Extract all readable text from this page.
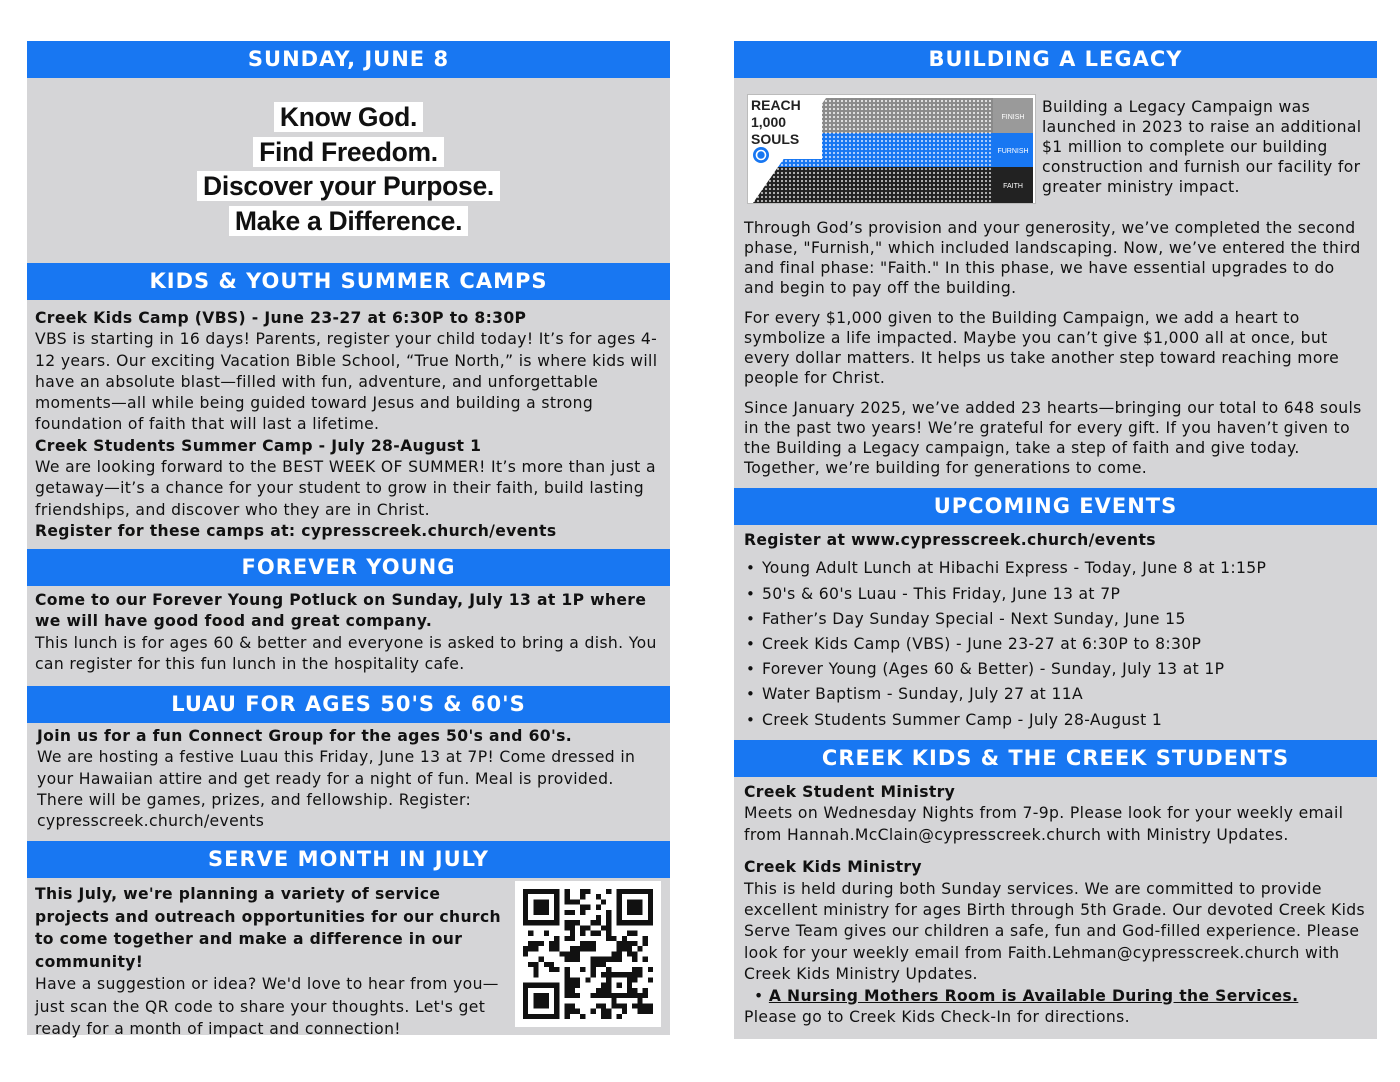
SUNDAY, JUNE 8
Know God.
Find Freedom.
Discover your Purpose.
Make a Difference.
KIDS & YOUTH SUMMER CAMPS
Creek Kids Camp (VBS) - June 23-27 at 6:30P to 8:30P
VBS is starting in 16 days! Parents, register your child today! It’s for ages 4-12 years. Our exciting Vacation Bible School, “True North,” is where kids will have an absolute blast—filled with fun, adventure, and unforgettable moments—all while being guided toward Jesus and building a strong foundation of faith that will last a lifetime.
Creek Students Summer Camp - July 28-August 1
We are looking forward to the BEST WEEK OF SUMMER! It’s more than just a getaway—it’s a chance for your student to grow in their faith, build lasting friendships, and discover who they are in Christ.
Register for these camps at: cypresscreek.church/events
FOREVER YOUNG
Come to our Forever Young Potluck on Sunday, July 13 at 1P where we will have good food and great company.
This lunch is for ages 60 & better and everyone is asked to bring a dish. You can register for this fun lunch in the hospitality cafe.
LUAU FOR AGES 50'S & 60'S
Join us for a fun Connect Group for the ages 50's and 60's.
We are hosting a festive Luau this Friday, June 13 at 7P! Come dressed in your Hawaiian attire and get ready for a night of fun. Meal is provided. There will be games, prizes, and fellowship. Register: cypresscreek.church/events
SERVE MONTH IN JULY
This July, we're planning a variety of service projects and outreach opportunities for our church to come together and make a difference in our community!
Have a suggestion or idea? We'd love to hear from you—just scan the QR code to share your thoughts. Let's get ready for a month of impact and connection!
BUILDING A LEGACY
REACH
1,000
SOULS
FINISH
FURNISH
FAITH
Building a Legacy Campaign was launched in 2023 to raise an additional $1 million to complete our building construction and furnish our facility for greater ministry impact.
Through God’s provision and your generosity, we’ve completed the second phase, "Furnish," which included landscaping. Now, we’ve entered the third and final phase: "Faith." In this phase, we have essential upgrades to do and begin to pay off the building.
For every $1,000 given to the Building Campaign, we add a heart to symbolize a life impacted. Maybe you can’t give $1,000 all at once, but every dollar matters. It helps us take another step toward reaching more people for Christ.
Since January 2025, we’ve added 23 hearts—bringing our total to 648 souls in the past two years! We’re grateful for every gift. If you haven’t given to the Building a Legacy campaign, take a step of faith and give today. Together, we’re building for generations to come.
UPCOMING EVENTS
Register at www.cypresscreek.church/events
• Young Adult Lunch at Hibachi Express - Today, June 8 at 1:15P
• 50's & 60's Luau - This Friday, June 13 at 7P
• Father’s Day Sunday Special - Next Sunday, June 15
• Creek Kids Camp (VBS) - June 23-27 at 6:30P to 8:30P
• Forever Young (Ages 60 & Better) - Sunday, July 13 at 1P
• Water Baptism - Sunday, July 27 at 11A
• Creek Students Summer Camp - July 28-August 1
CREEK KIDS & THE CREEK STUDENTS
Creek Student Ministry
Meets on Wednesday Nights from 7-9p. Please look for your weekly email from Hannah.McClain@cypresscreek.church with Ministry Updates.
Creek Kids Ministry
This is held during both Sunday services. We are committed to provide excellent ministry for ages Birth through 5th Grade. Our devoted Creek Kids Serve Team gives our children a safe, fun and God-filled experience. Please look for your weekly email from Faith.Lehman@cypresscreek.church with Creek Kids Ministry Updates.
• A Nursing Mothers Room is Available During the Services.
Please go to Creek Kids Check-In for directions.
